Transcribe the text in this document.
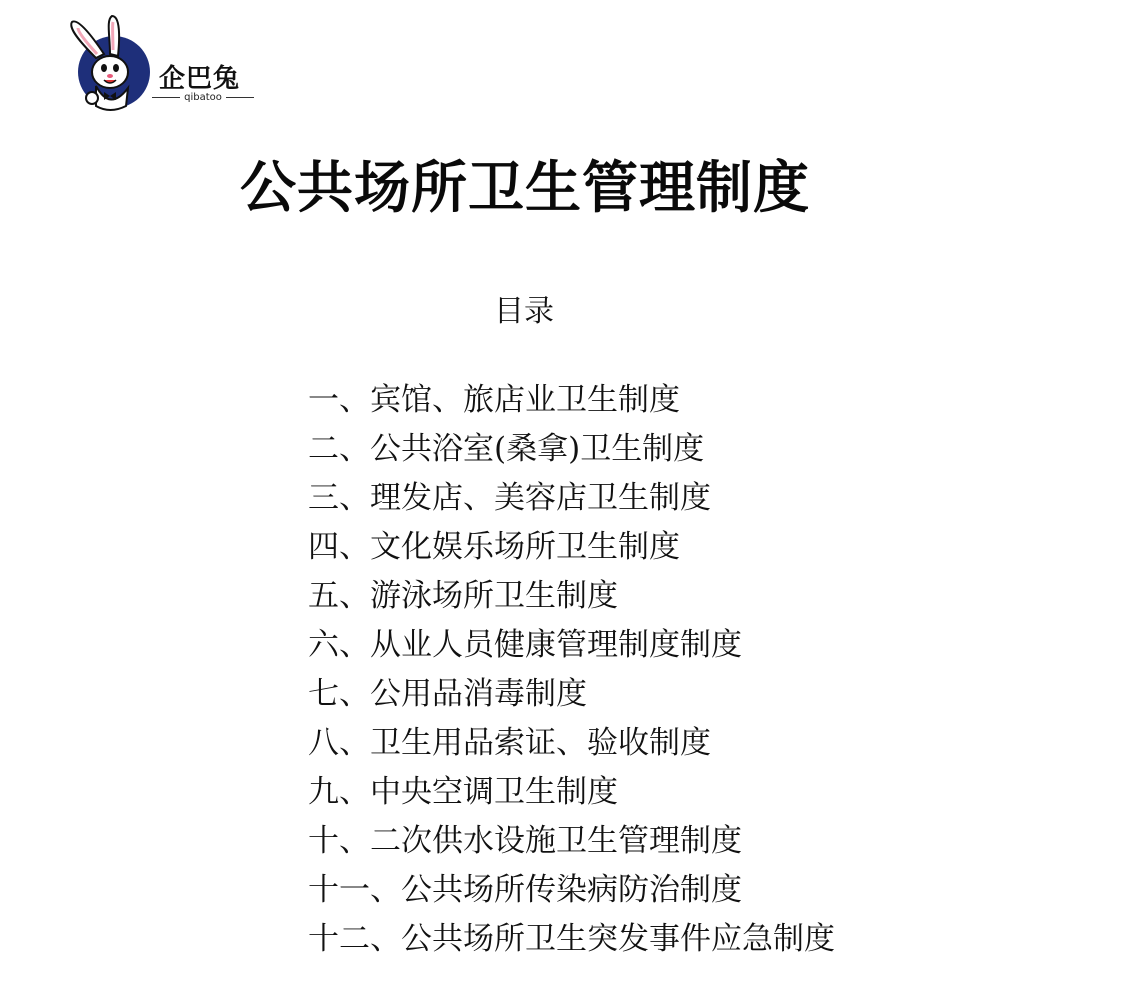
企巴兔
qibatoo
公共场所卫生管理制度
目录
一、宾馆、旅店业卫生制度
二、公共浴室(桑拿)卫生制度
三、理发店、美容店卫生制度
四、文化娱乐场所卫生制度
五、游泳场所卫生制度
六、从业人员健康管理制度制度
七、公用品消毒制度
八、卫生用品索证、验收制度
九、中央空调卫生制度
十、二次供水设施卫生管理制度
十一、公共场所传染病防治制度
十二、公共场所卫生突发事件应急制度
